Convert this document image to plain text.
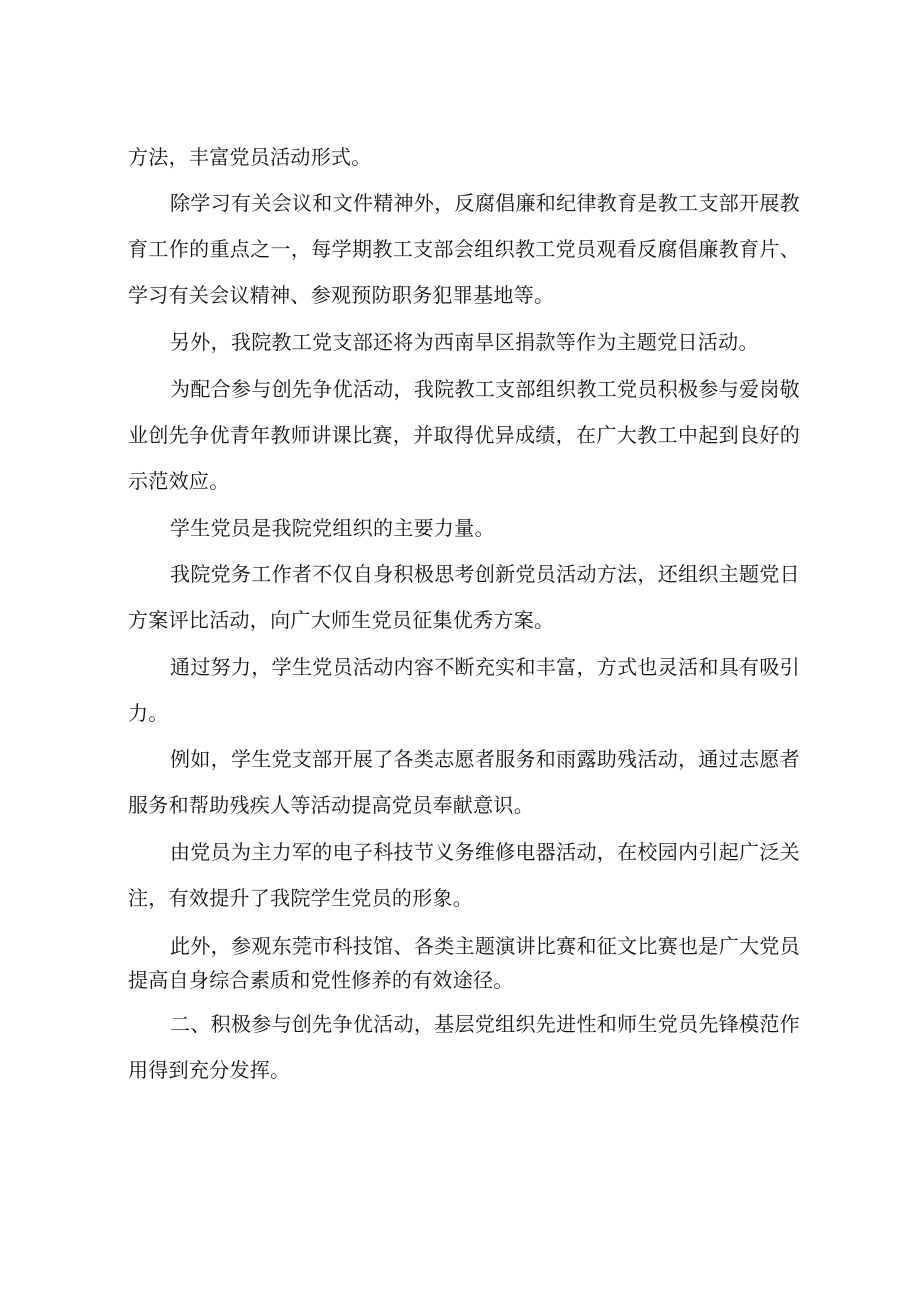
方法，丰富党员活动形式。

除学习有关会议和文件精神外，反腐倡廉和纪律教育是教工支部开展教育工作的重点之一，每学期教工支部会组织教工党员观看反腐倡廉教育片、学习有关会议精神、参观预防职务犯罪基地等。

另外，我院教工党支部还将为西南旱区捐款等作为主题党日活动。

为配合参与创先争优活动，我院教工支部组织教工党员积极参与爱岗敬业创先争优青年教师讲课比赛，并取得优异成绩，在广大教工中起到良好的示范效应。

学生党员是我院党组织的主要力量。

我院党务工作者不仅自身积极思考创新党员活动方法，还组织主题党日方案评比活动，向广大师生党员征集优秀方案。

通过努力，学生党员活动内容不断充实和丰富，方式也灵活和具有吸引力。

例如，学生党支部开展了各类志愿者服务和雨露助残活动，通过志愿者服务和帮助残疾人等活动提高党员奉献意识。

由党员为主力军的电子科技节义务维修电器活动，在校园内引起广泛关注，有效提升了我院学生党员的形象。

此外，参观东莞市科技馆、各类主题演讲比赛和征文比赛也是广大党员提高自身综合素质和党性修养的有效途径。

二、积极参与创先争优活动，基层党组织先进性和师生党员先锋模范作用得到充分发挥。
